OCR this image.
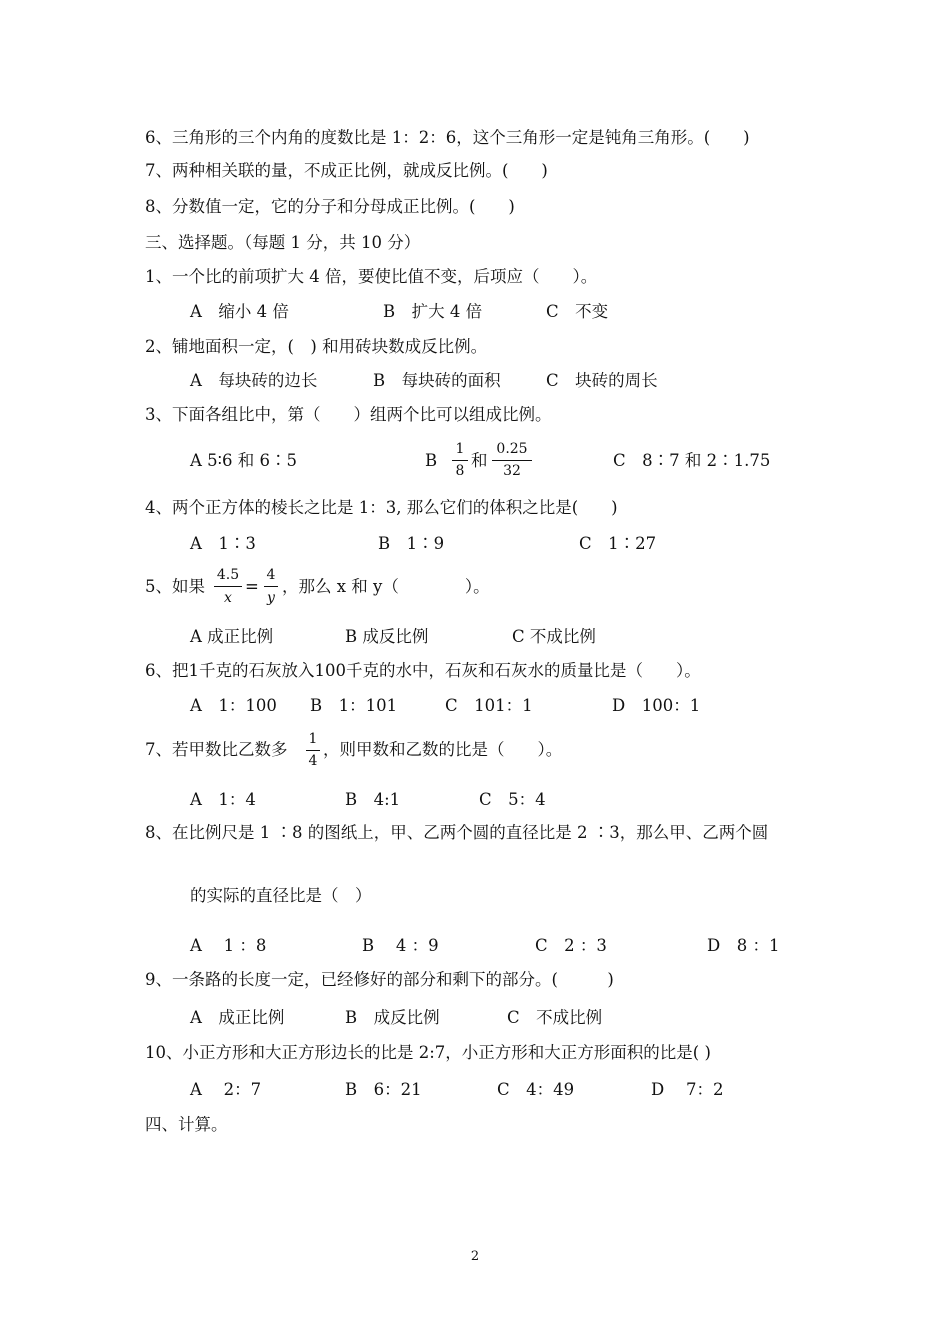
6、三角形的三个内角的度数比是 1：2：6，这个三角形一定是钝角三角形。(　　)
7、两种相关联的量，不成正比例，就成反比例。(　　)
8、分数值一定，它的分子和分母成正比例。(　　)
三、选择题。（每题 1 分，共 10 分）
1、一个比的前项扩大 4 倍，要使比值不变，后项应（　　）。
A　缩小 4 倍	B　扩大 4 倍	C　不变
2、铺地面积一定，(　) 和用砖块数成反比例。
A　每块砖的边长	B　每块砖的面积	C　块砖的周长
3、下面各组比中，第（　　）组两个比可以组成比例。
A 5∶6 和 6∶5	B
1
8
和
0.25
32
C　8∶7 和 2∶1.75
4、两个正方体的棱长之比是 1：3, 那么它们的体积之比是(　　)
A　1∶3	B　1∶9	C　1∶27
5、如果
4.5
x
=
4
y
，那么 x 和 y（　　　　）。
A 成正比例	B 成反比例	C 不成比例
6、把1千克的石灰放入100千克的水中，石灰和石灰水的质量比是（　　）。
A　1：100 B　1：101	C　101：1	D　100：1
7、若甲数比乙数多
1
4
，则甲数和乙数的比是（　　）。
A　1：4	B　4:1	C　5：4
8、在比例尺是 1 ∶8 的图纸上，甲、乙两个圆的直径比是 2 ∶3，那么甲、乙两个圆
的实际的直径比是（　）
A　 1 ：8	B　 4 ：9	C　2 ：3	D　8 ：1
9、一条路的长度一定，已经修好的部分和剩下的部分。(　　　)
A　成正比例	B　成反比例	C　不成比例
10、小正方形和大正方形边长的比是 2:7，小正方形和大正方形面积的比是( )
A　 2：7	B　6：21	C　4：49	D　 7：2
四、计算。
2
